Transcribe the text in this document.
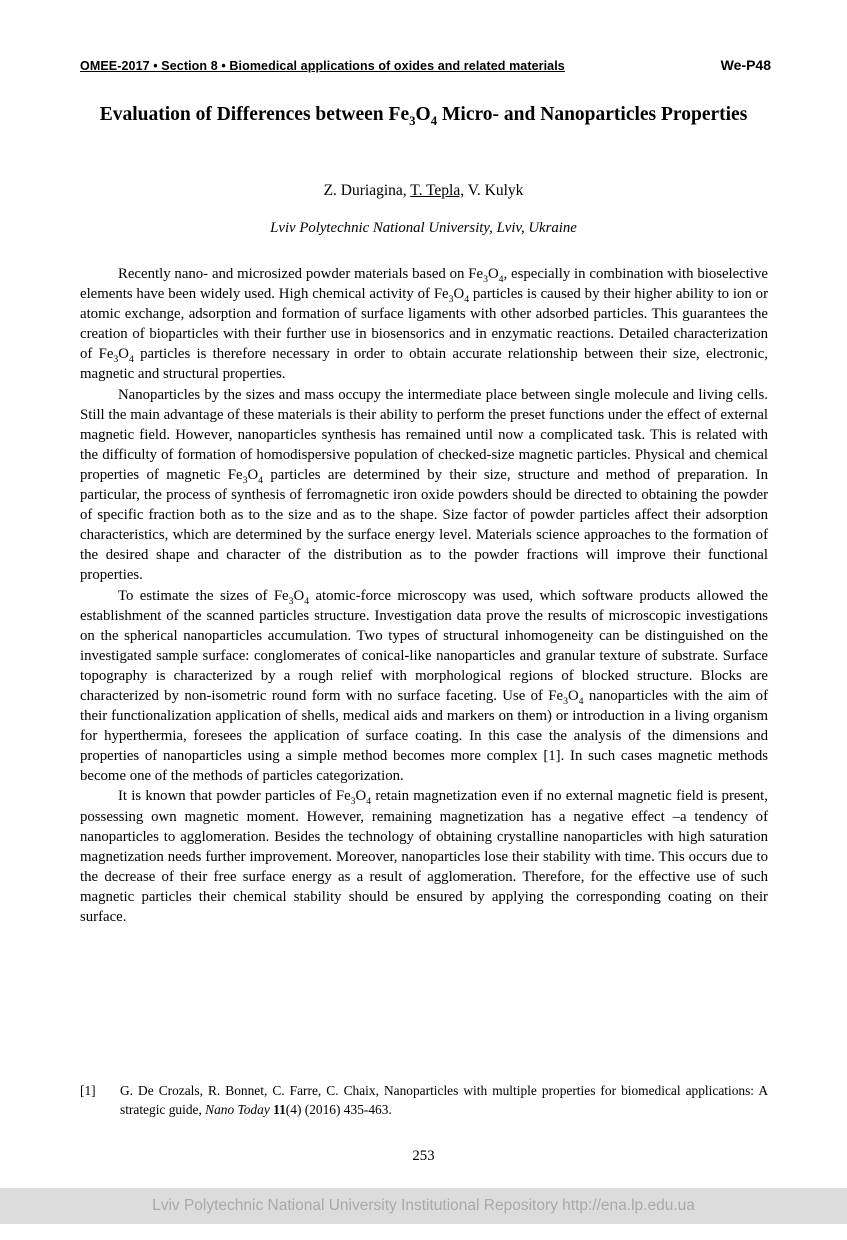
OMEE-2017 • Section 8 • Biomedical applications of oxides and related materials	We-P48
Evaluation of Differences between $Fe_3O_4$ Micro- and Nanoparticles Properties
Z. Duriagina, T. Tepla, V. Kulyk
Lviv Polytechnic National University, Lviv, Ukraine

Recently nano- and microsized powder materials based on $Fe_3O_4$, especially in combination with bioselective elements have been widely used. High chemical activity of $Fe_3O_4$ particles is caused by their higher ability to ion or atomic exchange, adsorption and formation of surface ligaments with other adsorbed particles. This guarantees the creation of bioparticles with their further use in biosensorics and in enzymatic reactions. Detailed characterization of $Fe_3O_4$ particles is therefore necessary in order to obtain accurate relationship between their size, electronic, magnetic and structural properties.

Nanoparticles by the sizes and mass occupy the intermediate place between single molecule and living cells. Still the main advantage of these materials is their ability to perform the preset functions under the effect of external magnetic field. However, nanoparticles synthesis has remained until now a complicated task. This is related with the difficulty of formation of homodispersive population of checked-size magnetic particles. Physical and chemical properties of magnetic $Fe_3O_4$ particles are determined by their size, structure and method of preparation. In particular, the process of synthesis of ferromagnetic iron oxide powders should be directed to obtaining the powder of specific fraction both as to the size and as to the shape. Size factor of powder particles affect their adsorption characteristics, which are determined by the surface energy level. Materials science approaches to the formation of the desired shape and character of the distribution as to the powder fractions will improve their functional properties.

To estimate the sizes of $Fe_3O_4$ atomic-force microscopy was used, which software products allowed the establishment of the scanned particles structure. Investigation data prove the results of microscopic investigations on the spherical nanoparticles accumulation. Two types of structural inhomogeneity can be distinguished on the investigated sample surface: conglomerates of conical-like nanoparticles and granular texture of substrate. Surface topography is characterized by a rough relief with morphological regions of blocked structure. Blocks are characterized by non-isometric round form with no surface faceting. Use of $Fe_3O_4$ nanoparticles with the aim of their functionalization application of shells, medical aids and markers on them) or introduction in a living organism for hyperthermia, foresees the application of surface coating. In this case the analysis of the dimensions and properties of nanoparticles using a simple method becomes more complex [1]. In such cases magnetic methods become one of the methods of particles categorization.

It is known that powder particles of $Fe_3O_4$ retain magnetization even if no external magnetic field is present, possessing own magnetic moment. However, remaining magnetization has a negative effect –a tendency of nanoparticles to agglomeration. Besides the technology of obtaining crystalline nanoparticles with high saturation magnetization needs further improvement. Moreover, nanoparticles lose their stability with time. This occurs due to the decrease of their free surface energy as a result of agglomeration. Therefore, for the effective use of such magnetic particles their chemical stability should be ensured by applying the corresponding coating on their surface.

[1]	G. De Crozals, R. Bonnet, C. Farre, C. Chaix, Nanoparticles with multiple properties for biomedical applications: A strategic guide, Nano Today 11(4) (2016) 435-463.
253
Lviv Polytechnic National University Institutional Repository http://ena.lp.edu.ua
